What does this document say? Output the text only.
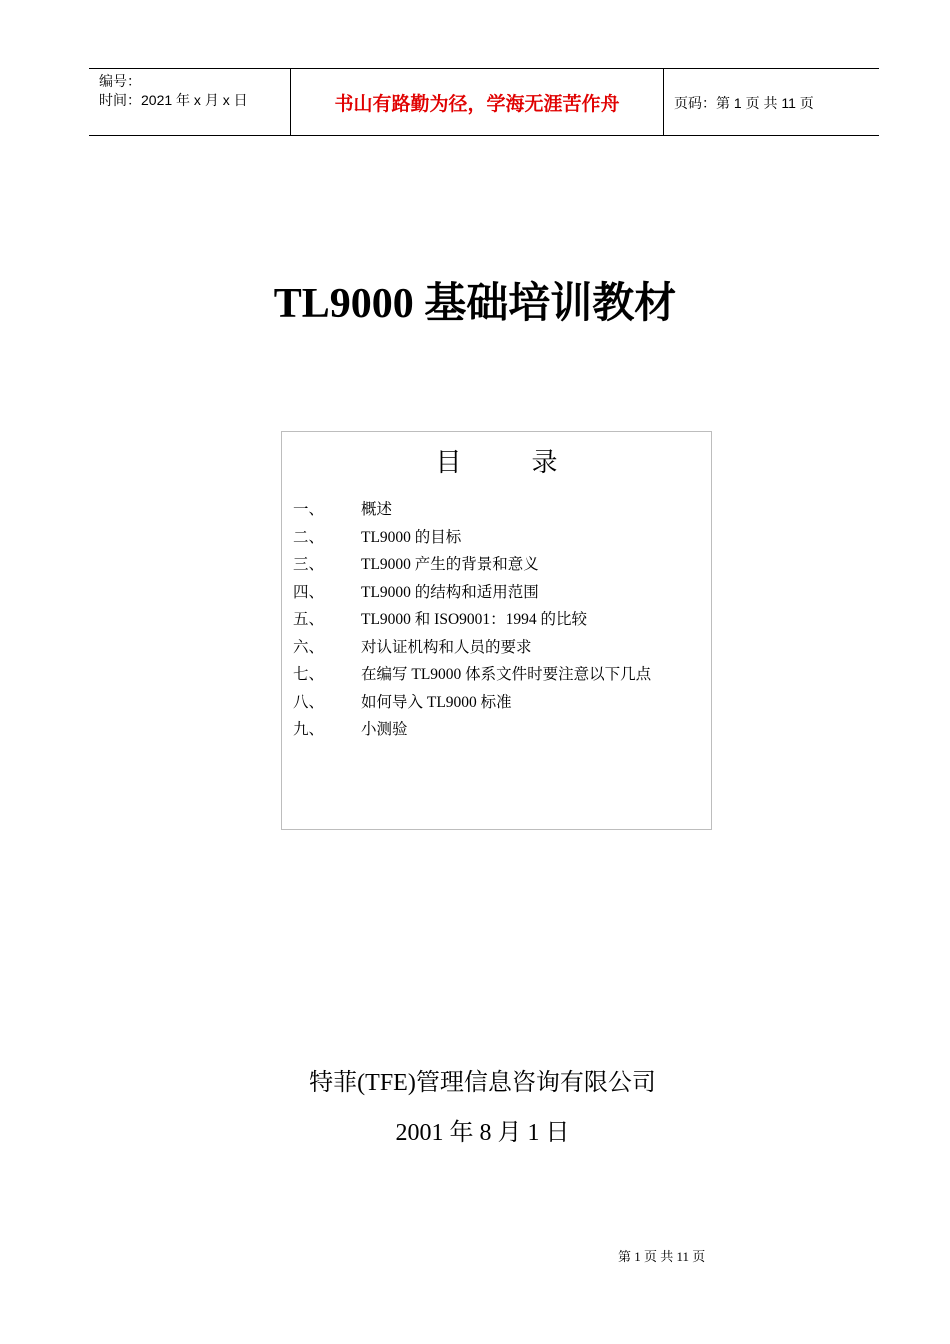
编号：
时间：2021 年 x 月 x 日	书山有路勤为径，学海无涯苦作舟	页码：第 1 页 共 11 页
TL9000 基础培训教材
目	录
一、 概述
二、 TL9000 的目标
三、 TL9000 产生的背景和意义
四、 TL9000 的结构和适用范围
五、 TL9000 和 ISO9001：1994 的比较
六、 对认证机构和人员的要求
七、 在编写 TL9000 体系文件时要注意以下几点
八、 如何导入 TL9000 标准
九、 小测验
特菲(TFE)管理信息咨询有限公司
2001 年 8 月 1 日
第 1 页 共 11 页
